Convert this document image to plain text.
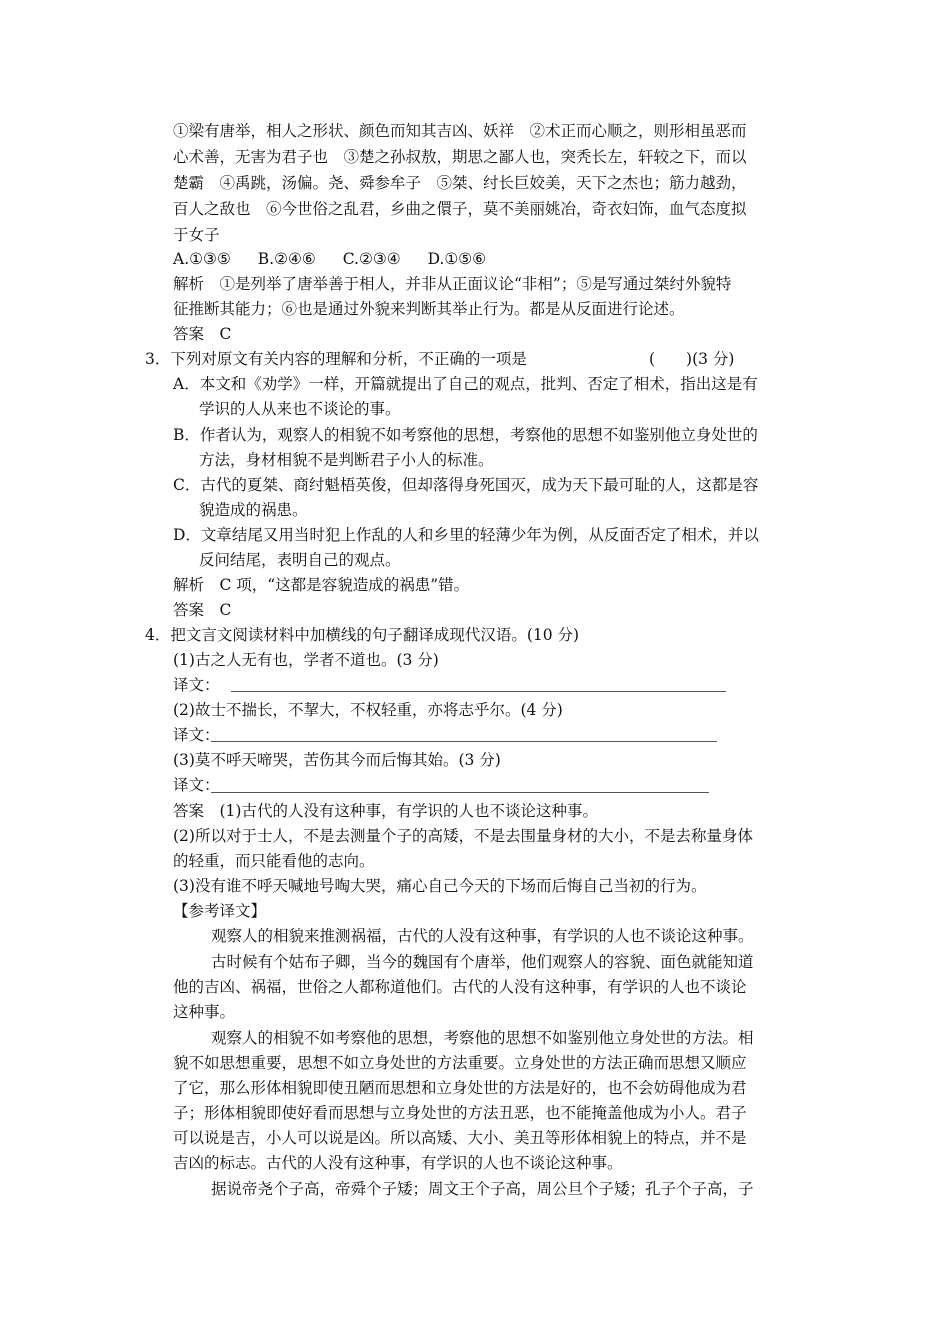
①梁有唐举，相人之形状、颜色而知其吉凶、妖祥　②术正而心顺之，则形相虽恶而
心术善，无害为君子也　③楚之孙叔敖，期思之鄙人也，突秃长左，轩较之下，而以
楚霸　④禹跳，汤偏。尧、舜参牟子　⑤桀、纣长巨姣美，天下之杰也；筋力越劲，
百人之敌也　⑥今世俗之乱君，乡曲之儇子，莫不美丽姚冶，奇衣妇饰，血气态度拟
于女子
A.①③⑤ B.②④⑥ C.②③④ D.①⑤⑥
解析　①是列举了唐举善于相人，并非从正面议论“非相”；⑤是写通过桀纣外貌特
征推断其能力；⑥也是通过外貌来判断其举止行为。都是从反面进行论述。
答案　C
3．下列对原文有关内容的理解和分析，不正确的一项是	(　　)(3 分)
A．本文和《劝学》一样，开篇就提出了自己的观点，批判、否定了相术，指出这是有
学识的人从来也不谈论的事。
B．作者认为，观察人的相貌不如考察他的思想，考察他的思想不如鉴别他立身处世的
方法，身材相貌不是判断君子小人的标准。
C．古代的夏桀、商纣魁梧英俊，但却落得身死国灭，成为天下最可耻的人，这都是容
貌造成的祸患。
D．文章结尾又用当时犯上作乱的人和乡里的轻薄少年为例，从反面否定了相术，并以
反问结尾，表明自己的观点。
解析　C 项，“这都是容貌造成的祸患”错。
答案　C
4．把文言文阅读材料中加横线的句子翻译成现代汉语。(10 分)
(1)古之人无有也，学者不道也。(3 分)
译文：
(2)故士不揣长，不挈大，不权轻重，亦将志乎尔。(4 分)
译文：
(3)莫不呼天啼哭，苦伤其今而后悔其始。(3 分)
译文：
答案　(1)古代的人没有这种事，有学识的人也不谈论这种事。
(2)所以对于士人，不是去测量个子的高矮，不是去围量身材的大小，不是去称量身体
的轻重，而只能看他的志向。
(3)没有谁不呼天喊地号啕大哭，痛心自己今天的下场而后悔自己当初的行为。
【参考译文】
观察人的相貌来推测祸福，古代的人没有这种事，有学识的人也不谈论这种事。
古时候有个姑布子卿，当今的魏国有个唐举，他们观察人的容貌、面色就能知道
他的吉凶、祸福，世俗之人都称道他们。古代的人没有这种事，有学识的人也不谈论
这种事。
观察人的相貌不如考察他的思想，考察他的思想不如鉴别他立身处世的方法。相
貌不如思想重要，思想不如立身处世的方法重要。立身处世的方法正确而思想又顺应
了它，那么形体相貌即使丑陋而思想和立身处世的方法是好的，也不会妨碍他成为君
子；形体相貌即使好看而思想与立身处世的方法丑恶，也不能掩盖他成为小人。君子
可以说是吉，小人可以说是凶。所以高矮、大小、美丑等形体相貌上的特点，并不是
吉凶的标志。古代的人没有这种事，有学识的人也不谈论这种事。
据说帝尧个子高，帝舜个子矮；周文王个子高，周公旦个子矮；孔子个子高，子
